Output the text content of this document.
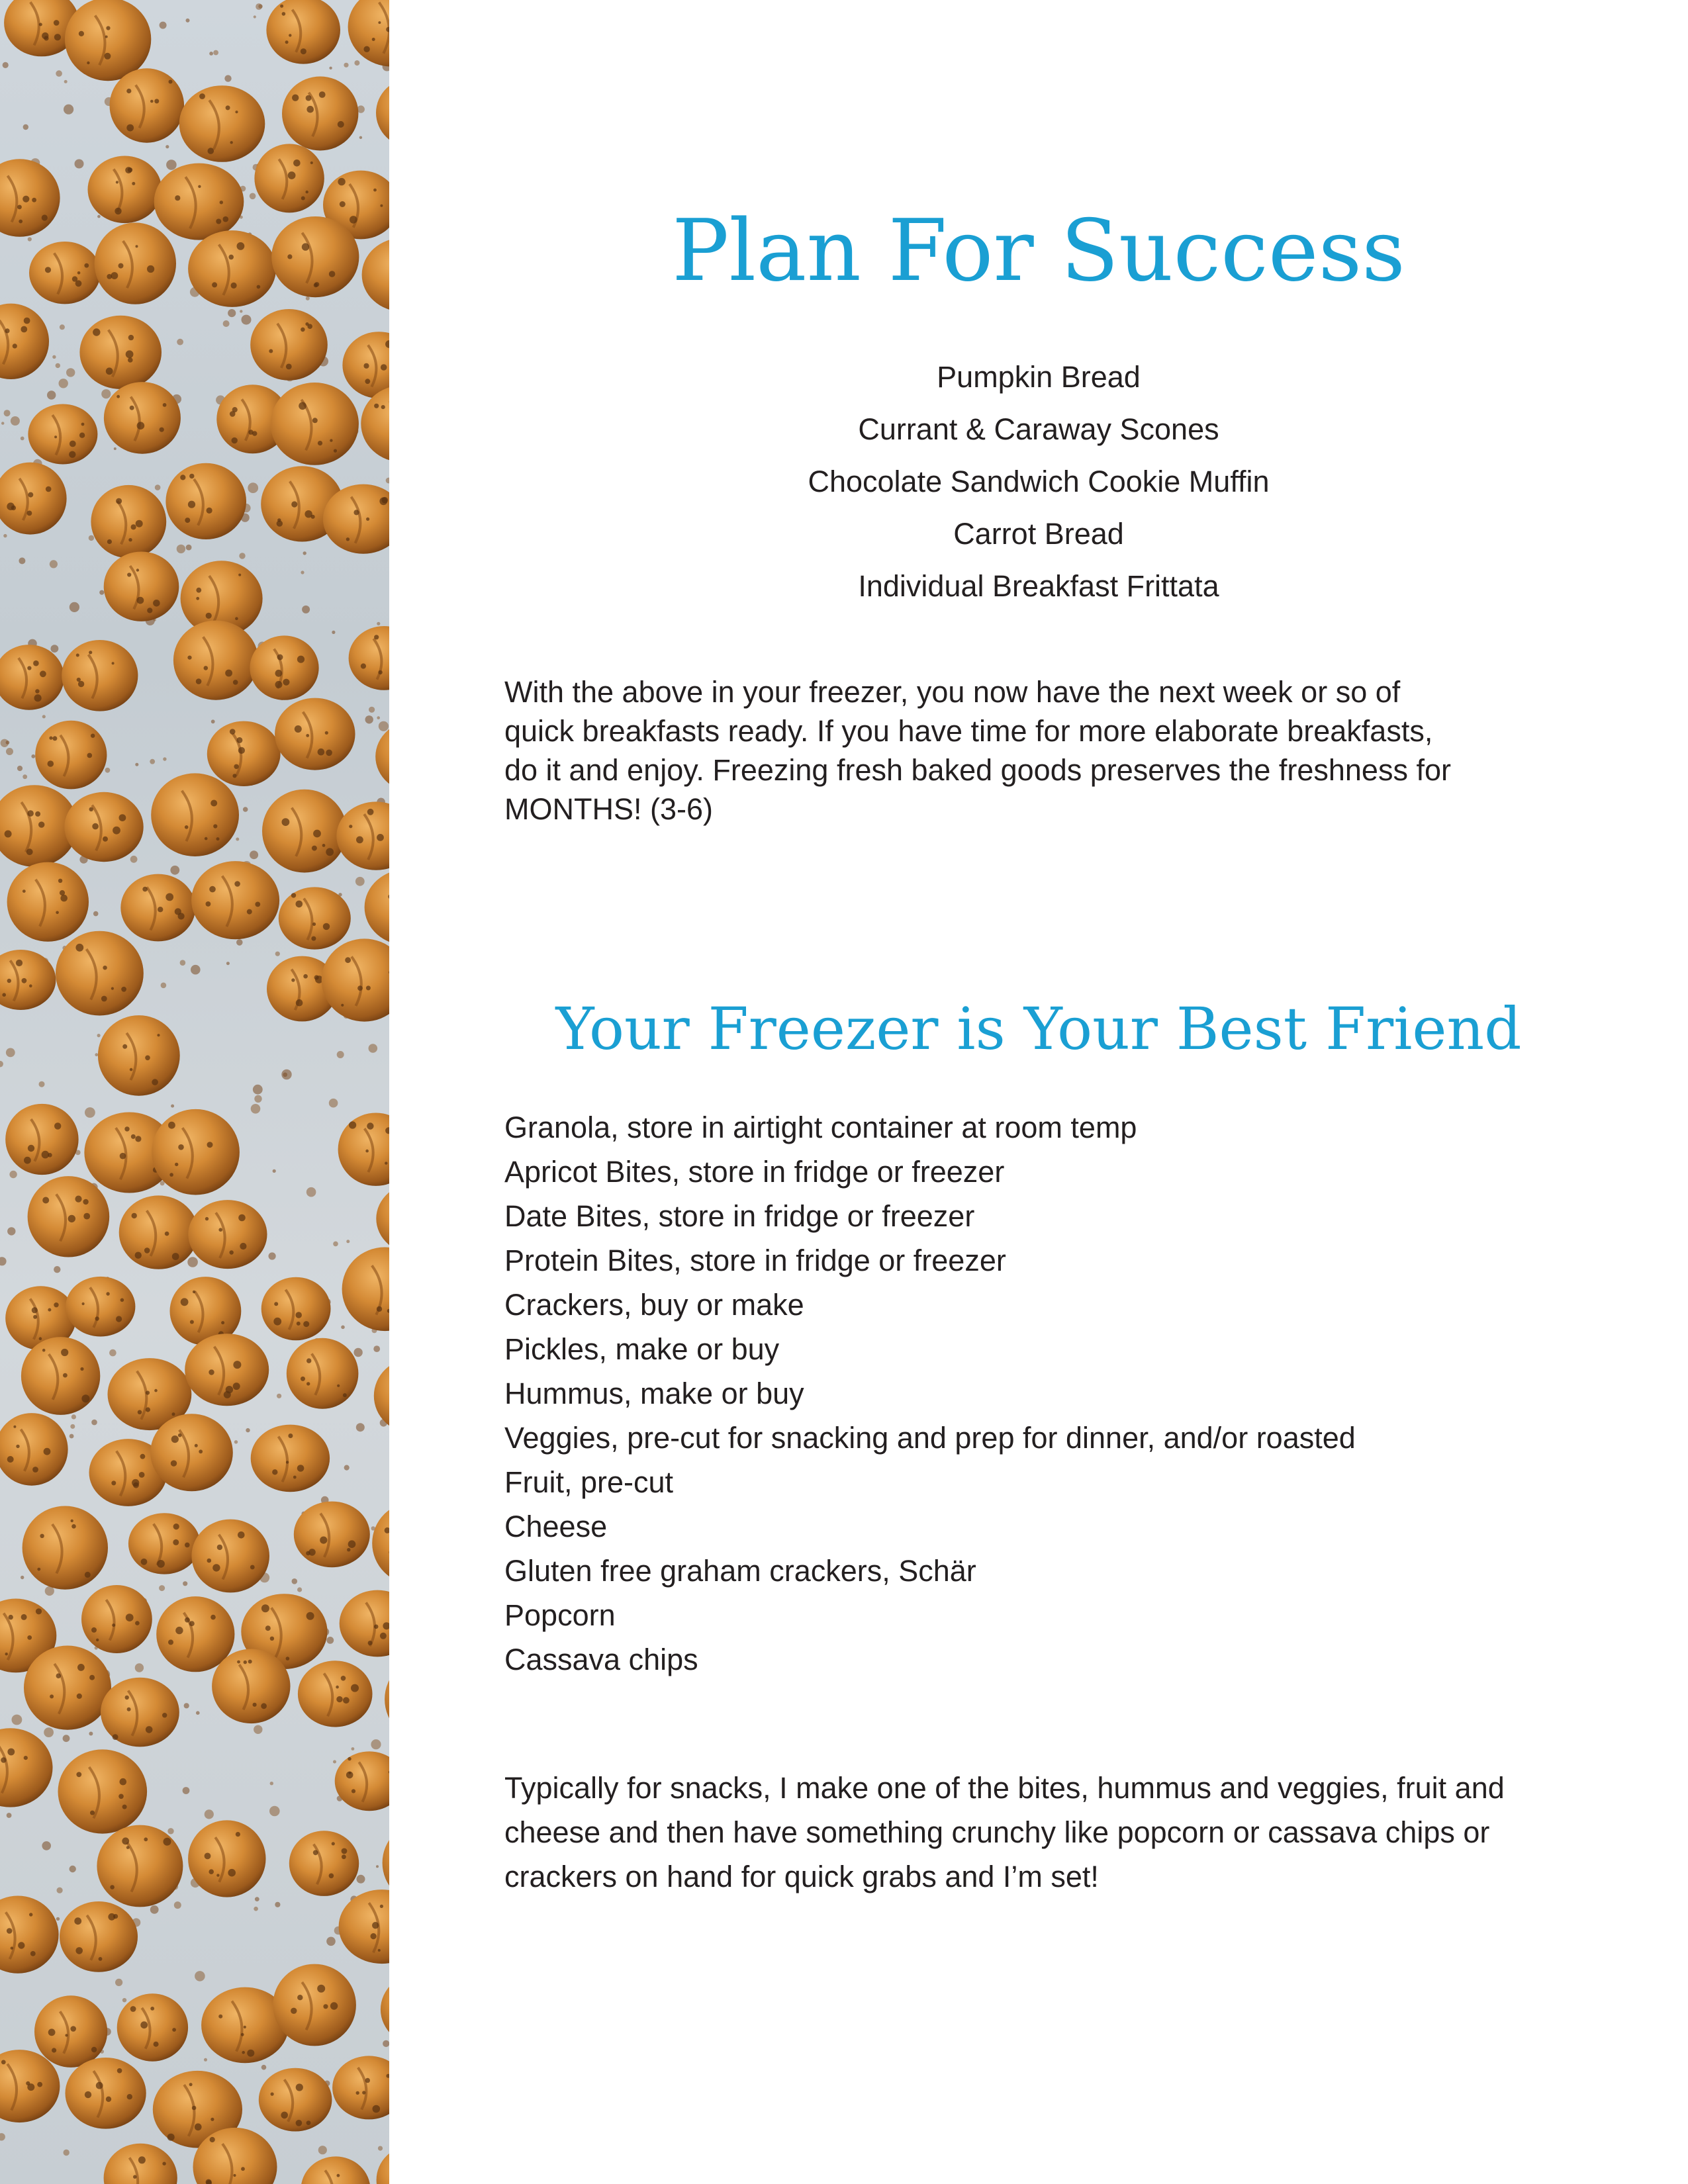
Plan For Success
Pumpkin Bread
Currant & Caraway Scones
Chocolate Sandwich Cookie Muffin
Carrot Bread
Individual Breakfast Frittata

With the above in your freezer, you now have the next week or so of quick breakfasts ready. If you have time for more elaborate breakfasts, do it and enjoy. Freezing fresh baked goods preserves the freshness for MONTHS! (3-6)

Your Freezer is Your Best Friend
Granola, store in airtight container at room temp
Apricot Bites, store in fridge or freezer
Date Bites, store in fridge or freezer
Protein Bites, store in fridge or freezer
Crackers, buy or make
Pickles, make or buy
Hummus, make or buy
Veggies, pre-cut for snacking and prep for dinner, and/or roasted
Fruit, pre-cut
Cheese
Gluten free graham crackers, Schär
Popcorn
Cassava chips

Typically for snacks, I make one of the bites, hummus and veggies, fruit and cheese and then have something crunchy like popcorn or cassava chips or crackers on hand for quick grabs and I’m set!
